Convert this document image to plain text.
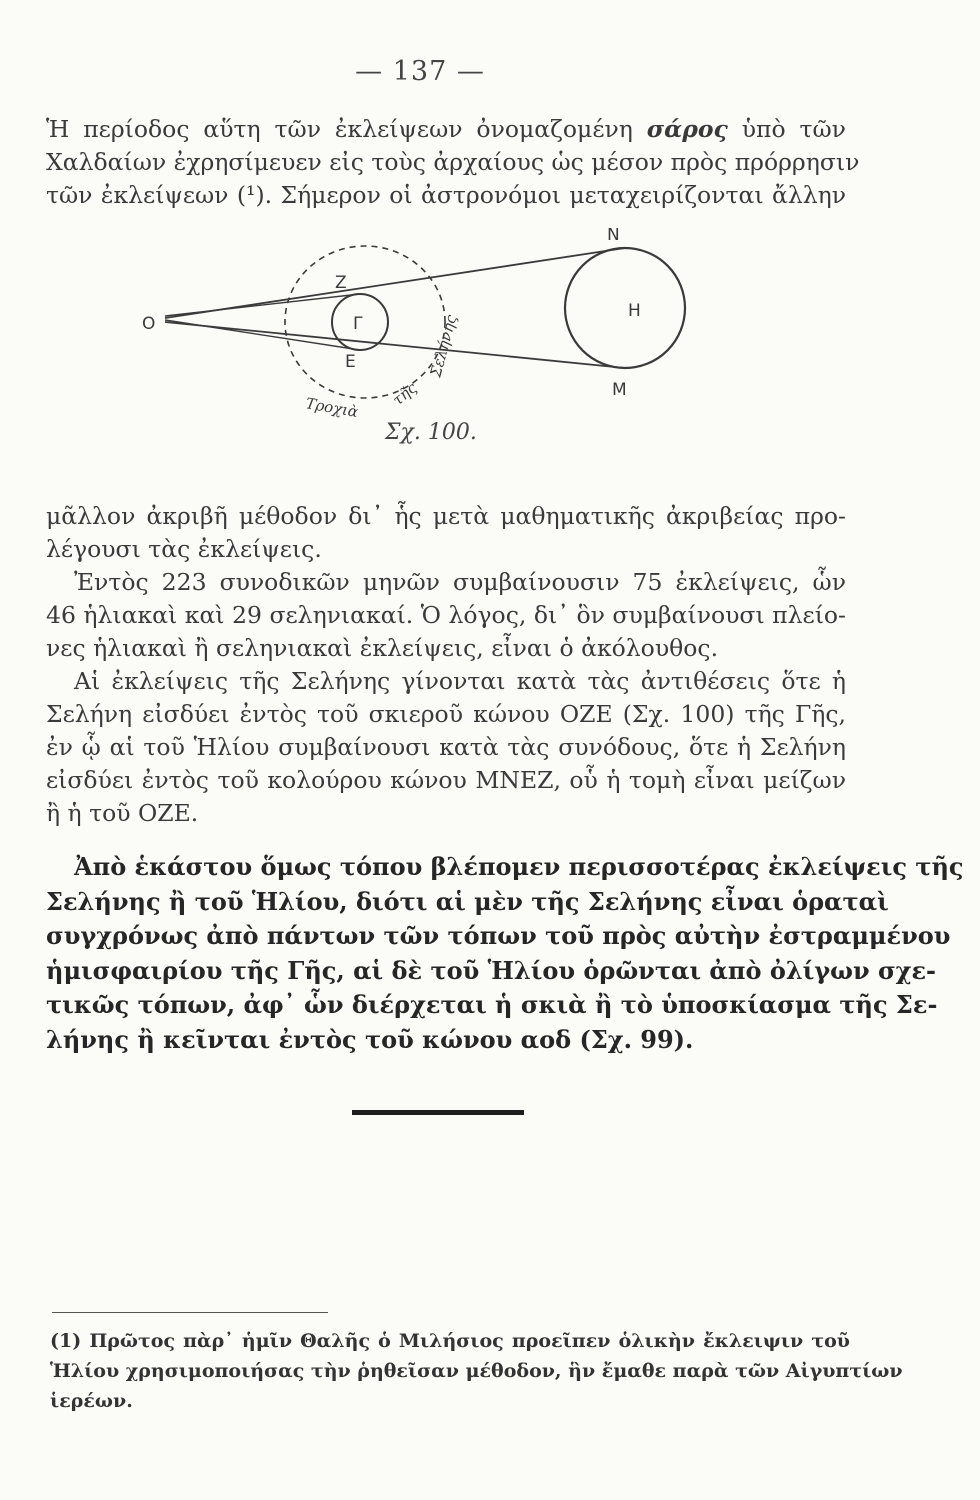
— 137 —
Ἡ περίοδος αὕτη τῶν ἐκλείψεων ὀνομαζομένη σάρος ὑπὸ τῶν
Χαλδαίων ἐχρησίμευεν εἰς τοὺς ἀρχαίους ὡς μέσον πρὸς πρόρρησιν
τῶν ἐκλείψεων (¹). Σήμερον οἱ ἀστρονόμοι μεταχειρίζονται ἄλλην
O
Z
Γ
Ε
N
H
M
Τροχιὰ τῆς
Σελήνης
Σχ. 100.
μᾶλλον ἀκριβῆ μέθοδον δι᾽ ἧς μετὰ μαθηματικῆς ἀκριβείας προ-
λέγουσι τὰς ἐκλείψεις.
Ἐντὸς 223 συνοδικῶν μηνῶν συμβαίνουσιν 75 ἐκλείψεις, ὧν
46 ἡλιακαὶ καὶ 29 σεληνιακαί. Ὁ λόγος, δι᾽ ὃν συμβαίνουσι πλείο-
νες ἡλιακαὶ ἢ σεληνιακαὶ ἐκλείψεις, εἶναι ὁ ἀκόλουθος.
Αἱ ἐκλείψεις τῆς Σελήνης γίνονται κατὰ τὰς ἀντιθέσεις ὅτε ἡ
Σελήνη εἰσδύει ἐντὸς τοῦ σκιεροῦ κώνου ΟΖΕ (Σχ. 100) τῆς Γῆς,
ἐν ᾧ αἱ τοῦ Ἡλίου συμβαίνουσι κατὰ τὰς συνόδους, ὅτε ἡ Σελήνη
εἰσδύει ἐντὸς τοῦ κολούρου κώνου ΜΝΕΖ, οὗ ἡ τομὴ εἶναι μείζων
ἢ ἡ τοῦ ΟΖΕ.
Ἀπὸ ἑκάστου ὅμως τόπου βλέπομεν περισσοτέρας ἐκλείψεις τῆς
Σελήνης ἢ τοῦ Ἡλίου, διότι αἱ μὲν τῆς Σελήνης εἶναι ὁραταὶ
συγχρόνως ἀπὸ πάντων τῶν τόπων τοῦ πρὸς αὐτὴν ἐστραμμένου
ἡμισφαιρίου τῆς Γῆς, αἱ δὲ τοῦ Ἡλίου ὁρῶνται ἀπὸ ὀλίγων σχε-
τικῶς τόπων, ἀφ᾽ ὧν διέρχεται ἡ σκιὰ ἢ τὸ ὑποσκίασμα τῆς Σε-
λήνης ἢ κεῖνται ἐντὸς τοῦ κώνου αοδ (Σχ. 99).
(1) Πρῶτος πὰρ᾽ ἡμῖν Θαλῆς ὁ Μιλήσιος προεῖπεν ὁλικὴν ἔκλειψιν τοῦ
Ἡλίου χρησιμοποιήσας τὴν ῥηθεῖσαν μέθοδον, ἣν ἔμαθε παρὰ τῶν Αἰγυπτίων
ἱερέων.
